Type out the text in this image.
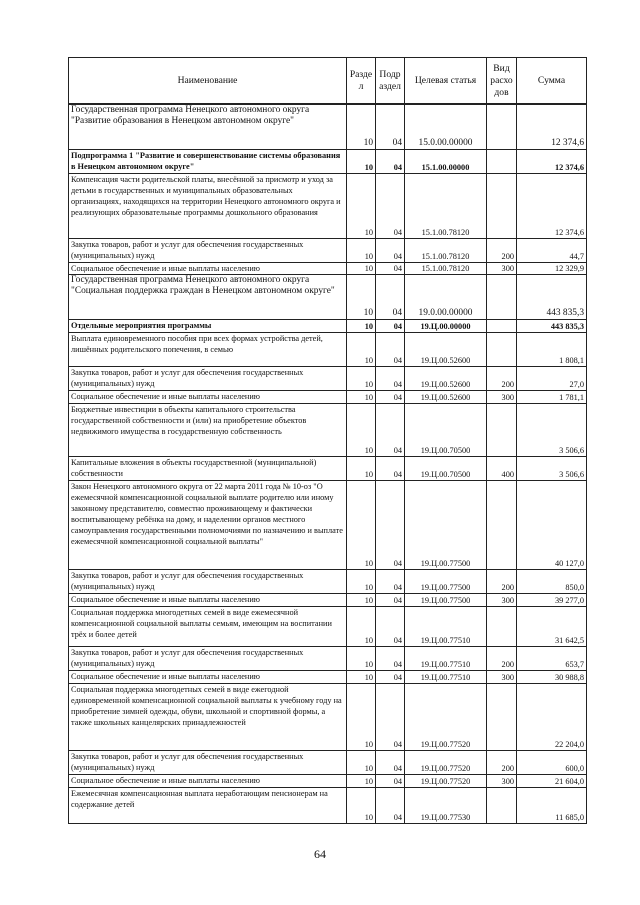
Наименование	Разде л	Подр аздел	Целевая статья	Вид расхо дов	Сумма
Государственная программа Ненецкого автономного округа "Развитие образования в Ненецком автономном округе"	10	04	15.0.00.00000		12 374,6
Подпрограмма 1 "Развитие и совершенствование системы образования в Ненецком автономном округе"	10	04	15.1.00.00000		12 374,6
Компенсация части родительской платы, внесённой за присмотр и уход за детьми в государственных и муниципальных образовательных организациях, находящихся на территории Ненецкого автономного округа и реализующих образовательные программы дошкольного образования	10	04	15.1.00.78120		12 374,6
Закупка товаров, работ и услуг для обеспечения государственных (муниципальных) нужд	10	04	15.1.00.78120	200	44,7
Социальное обеспечение и иные выплаты населению	10	04	15.1.00.78120	300	12 329,9
Государственная программа Ненецкого автономного округа "Социальная поддержка граждан в Ненецком автономном округе"	10	04	19.0.00.00000		443 835,3
Отдельные мероприятия программы	10	04	19.Ц.00.00000		443 835,3
Выплата единовременного пособия при всех формах устройства детей, лишённых родительского попечения, в семью	10	04	19.Ц.00.52600		1 808,1
Закупка товаров, работ и услуг для обеспечения государственных (муниципальных) нужд	10	04	19.Ц.00.52600	200	27,0
Социальное обеспечение и иные выплаты населению	10	04	19.Ц.00.52600	300	1 781,1
Бюджетные инвестиции в объекты капитального строительства государственной собственности и (или) на приобретение объектов недвижимого имущества в государственную собственность	10	04	19.Ц.00.70500		3 506,6
Капитальные вложения в объекты государственной (муниципальной) собственности	10	04	19.Ц.00.70500	400	3 506,6
Закон Ненецкого автономного округа от 22 марта 2011 года № 10-оз "О ежемесячной компенсационной социальной выплате родителю или иному законному представителю, совместно проживающему и фактически воспитывающему ребёнка на дому, и наделении органов местного самоуправления государственными полномочиями по назначению и выплате ежемесячной компенсационной социальной выплаты"	10	04	19.Ц.00.77500		40 127,0
Закупка товаров, работ и услуг для обеспечения государственных (муниципальных) нужд	10	04	19.Ц.00.77500	200	850,0
Социальное обеспечение и иные выплаты населению	10	04	19.Ц.00.77500	300	39 277,0
Социальная поддержка многодетных семей в виде ежемесячной компенсационной социальной выплаты семьям, имеющим на воспитании трёх и более детей	10	04	19.Ц.00.77510		31 642,5
Закупка товаров, работ и услуг для обеспечения государственных (муниципальных) нужд	10	04	19.Ц.00.77510	200	653,7
Социальное обеспечение и иные выплаты населению	10	04	19.Ц.00.77510	300	30 988,8
Социальная поддержка многодетных семей в виде ежегодной единовременной компенсационной социальной выплаты к учебному году на приобретение зимней одежды, обуви, школьной и спортивной формы, а также школьных канцелярских принадлежностей	10	04	19.Ц.00.77520		22 204,0
Закупка товаров, работ и услуг для обеспечения государственных (муниципальных) нужд	10	04	19.Ц.00.77520	200	600,0
Социальное обеспечение и иные выплаты населению	10	04	19.Ц.00.77520	300	21 604,0
Ежемесячная компенсационная выплата неработающим пенсионерам на содержание детей	10	04	19.Ц.00.77530		11 685,0
64
